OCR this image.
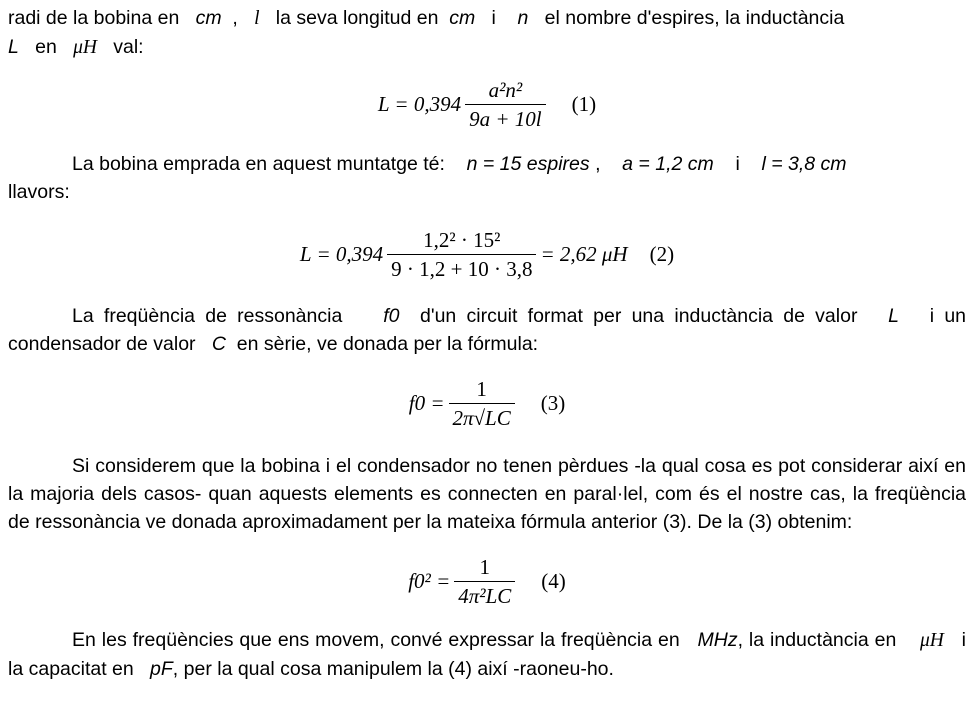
radi de la bobina en cm , l la seva longitud en cm i n el nombre d'espires, la inductància
L en μH val:

$L = 0,394 \frac{\text{a²n²}}{9a + 10l} (1)$

La bobina emprada en aquest muntatge té: n = 15 espires , a = 1,2 cm i l = 3,8 cm

llavors:

$L = 0,394 \frac{\text{1,2² · 15²}}{9 \cdot 1,2 + 10 \cdot 3,8} = 2,62$ μH (2)

La freqüència de ressonància f0 d'un circuit format per una inductància de valor L i un condensador de valor C en sèrie, ve donada per la fórmula:

$f0 = \frac{1}{2\pi√LC} (3)$

Si considerem que la bobina i el condensador no tenen pèrdues -la qual cosa es pot considerar així en la majoria dels casos- quan aquests elements es connecten en paral·lel, com és el nostre cas, la freqüència de ressonància ve donada aproximadament per la mateixa fórmula anterior (3). De la (3) obtenim:

$f0^2 = \frac{1}{\text{4π²LC}} (4)$

En les freqüències que ens movem, convé expressar la freqüència en MHz, la inductància en μH i la capacitat en pF, per la qual cosa manipulem la (4) així -raoneu-ho.
